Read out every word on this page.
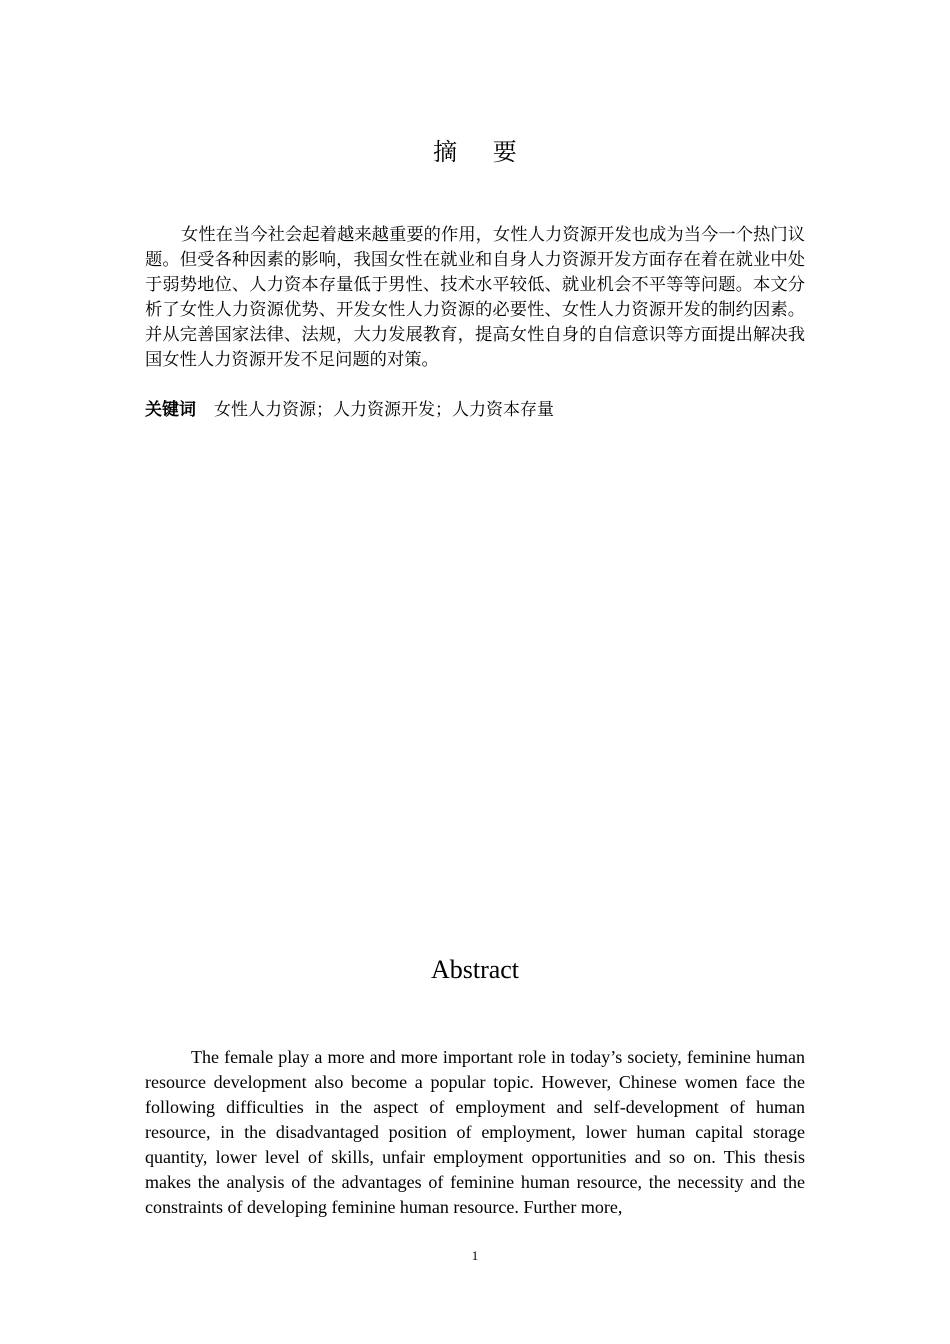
摘 要

女性在当今社会起着越来越重要的作用，女性人力资源开发也成为当今一个热门议题。但受各种因素的影响，我国女性在就业和自身人力资源开发方面存在着在就业中处于弱势地位、人力资本存量低于男性、技术水平较低、就业机会不平等等问题。本文分析了女性人力资源优势、开发女性人力资源的必要性、女性人力资源开发的制约因素。并从完善国家法律、法规，大力发展教育，提高女性自身的自信意识等方面提出解决我国女性人力资源开发不足问题的对策。

关键词 女性人力资源；人力资源开发；人力资本存量
Abstract

The female play a more and more important role in today’s society, feminine human resource development also become a popular topic. However, Chinese women face the following difficulties in the aspect of employment and self-development of human resource, in the disadvantaged position of employment, lower human capital storage quantity, lower level of skills, unfair employment opportunities and so on. This thesis makes the analysis of the advantages of feminine human resource, the necessity and the constraints of developing feminine human resource. Further more,

1
